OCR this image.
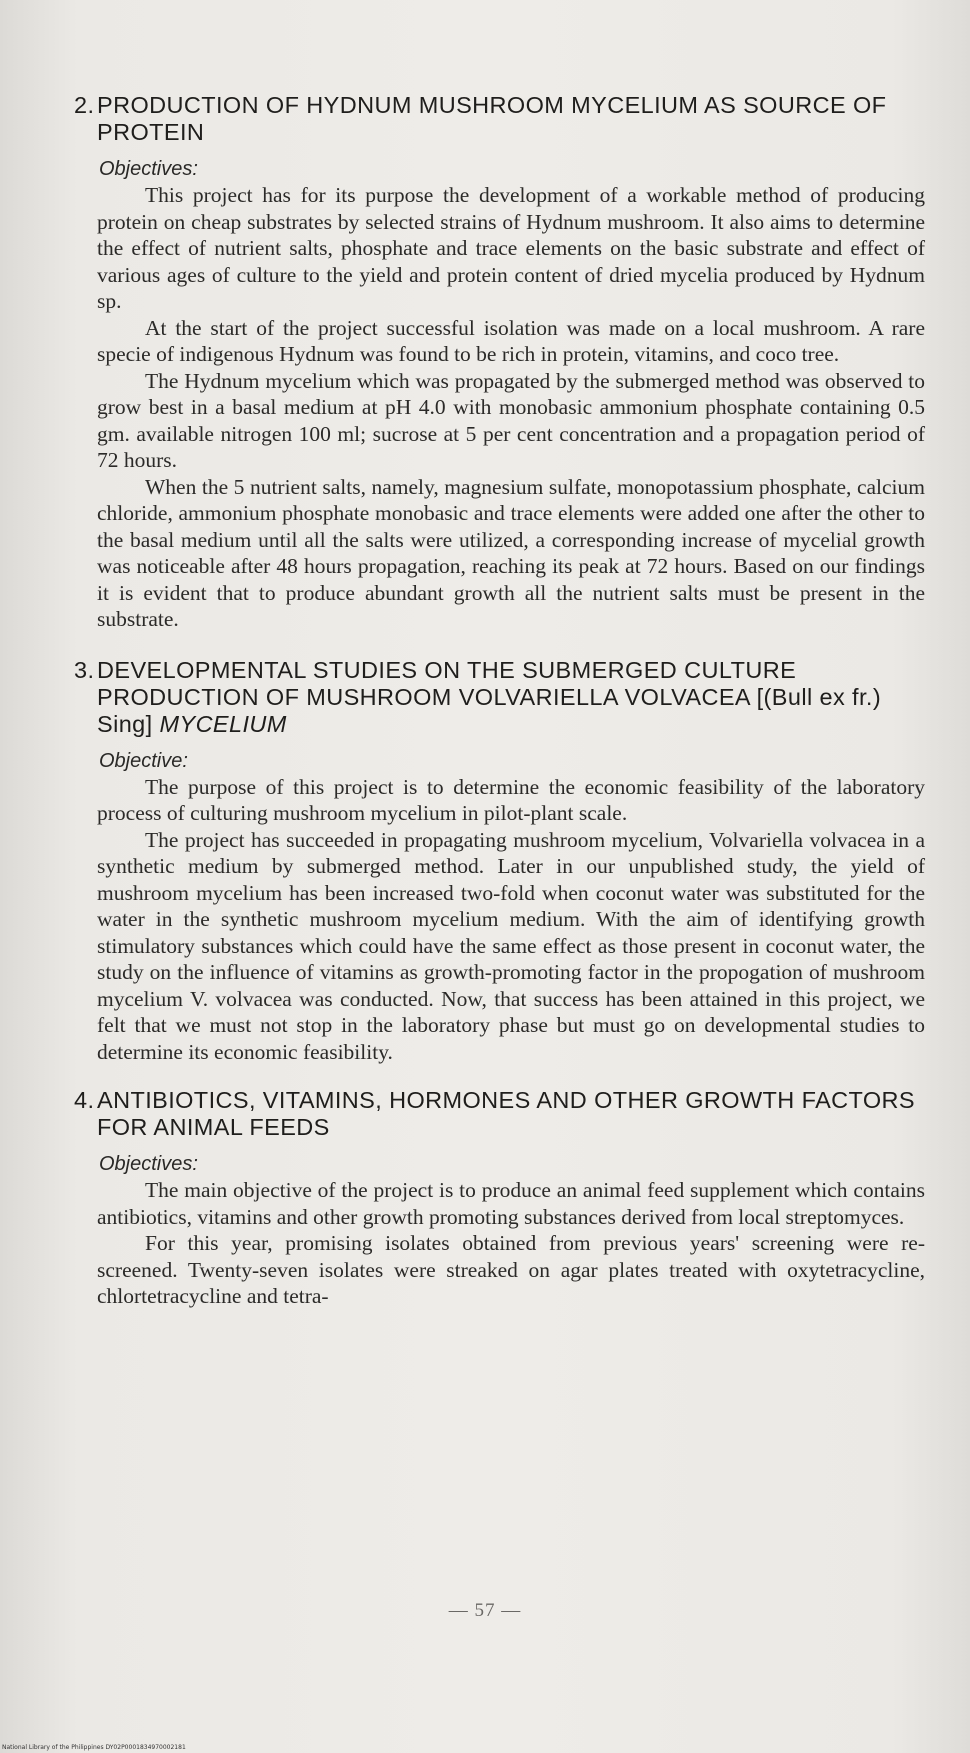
2. PRODUCTION OF HYDNUM MUSHROOM MYCELIUM AS SOURCE OF PROTEIN
Objectives:

This project has for its purpose the development of a workable method of producing protein on cheap substrates by selected strains of Hydnum mushroom. It also aims to determine the effect of nutrient salts, phosphate and trace elements on the basic substrate and effect of various ages of culture to the yield and protein content of dried mycelia produced by Hydnum sp.

At the start of the project successful isolation was made on a local mushroom. A rare specie of indigenous Hydnum was found to be rich in protein, vitamins, and coco tree.

The Hydnum mycelium which was propagated by the submerged method was observed to grow best in a basal medium at pH 4.0 with monobasic ammonium phosphate containing 0.5 gm. available nitrogen 100 ml; sucrose at 5 per cent concentration and a propagation period of 72 hours.

When the 5 nutrient salts, namely, magnesium sulfate, monopotassium phosphate, calcium chloride, ammonium phosphate monobasic and trace elements were added one after the other to the basal medium until all the salts were utilized, a corresponding increase of mycelial growth was noticeable after 48 hours propagation, reaching its peak at 72 hours. Based on our findings it is evident that to produce abundant growth all the nutrient salts must be present in the substrate.

3. DEVELOPMENTAL STUDIES ON THE SUBMERGED CULTURE PRODUCTION OF MUSHROOM VOLVARIELLA VOLVACEA [(Bull ex fr.) Sing] MYCELIUM
Objective:

The purpose of this project is to determine the economic feasibility of the laboratory process of culturing mushroom mycelium in pilot-plant scale.

The project has succeeded in propagating mushroom mycelium, Volvariella volvacea in a synthetic medium by submerged method. Later in our unpublished study, the yield of mushroom mycelium has been increased two-fold when coconut water was substituted for the water in the synthetic mushroom mycelium medium. With the aim of identifying growth stimulatory substances which could have the same effect as those present in coconut water, the study on the influence of vitamins as growth-promoting factor in the propogation of mushroom mycelium V. volvacea was conducted. Now, that success has been attained in this project, we felt that we must not stop in the laboratory phase but must go on developmental studies to determine its economic feasibility.

4. ANTIBIOTICS, VITAMINS, HORMONES AND OTHER GROWTH FACTORS FOR ANIMAL FEEDS
Objectives:

The main objective of the project is to produce an animal feed supplement which contains antibiotics, vitamins and other growth promoting substances derived from local streptomyces.

For this year, promising isolates obtained from previous years' screening were re-screened. Twenty-seven isolates were streaked on agar plates treated with oxytetracycline, chlortetracycline and tetra-

— 57 —
National Library of the Philippines DY02P0001834970002181
